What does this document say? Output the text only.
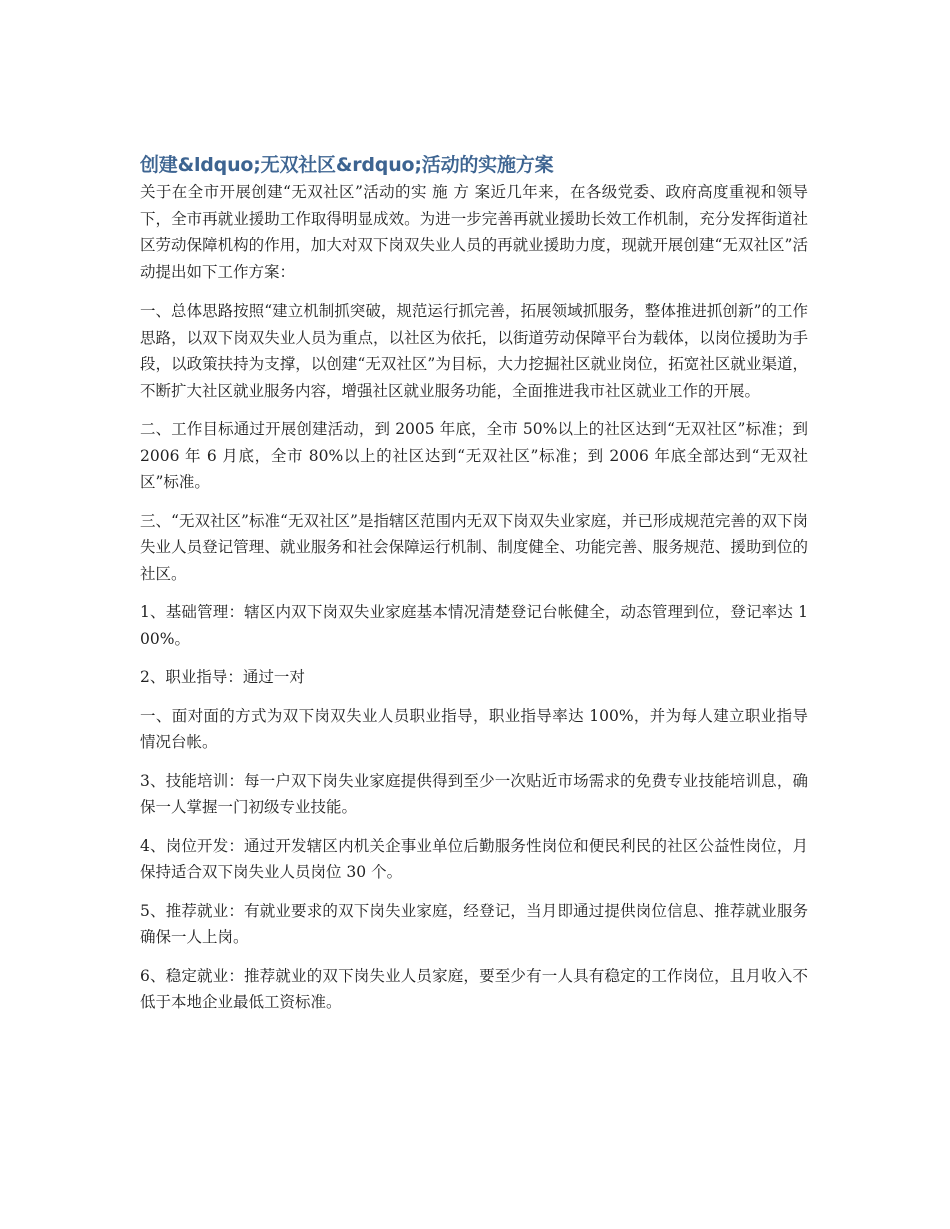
创建&ldquo;无双社区&rdquo;活动的实施方案

关于在全市开展创建“无双社区”活动的实 施 方 案近几年来，在各级党委、政府高度重视和领导下，全市再就业援助工作取得明显成效。为进一步完善再就业援助长效工作机制，充分发挥街道社区劳动保障机构的作用，加大对双下岗双失业人员的再就业援助力度，现就开展创建“无双社区”活动提出如下工作方案：

一、总体思路按照“建立机制抓突破，规范运行抓完善，拓展领域抓服务，整体推进抓创新”的工作思路，以双下岗双失业人员为重点，以社区为依托，以街道劳动保障平台为载体，以岗位援助为手段，以政策扶持为支撑，以创建“无双社区”为目标，大力挖掘社区就业岗位，拓宽社区就业渠道，不断扩大社区就业服务内容，增强社区就业服务功能，全面推进我市社区就业工作的开展。

二、工作目标通过开展创建活动，到 2005 年底，全市 50%以上的社区达到“无双社区”标准；到 2006 年 6 月底，全市 80%以上的社区达到“无双社区”标准；到 2006 年底全部达到“无双社区”标准。

三、“无双社区”标准“无双社区”是指辖区范围内无双下岗双失业家庭，并已形成规范完善的双下岗失业人员登记管理、就业服务和社会保障运行机制、制度健全、功能完善、服务规范、援助到位的社区。

1、基础管理：辖区内双下岗双失业家庭基本情况清楚登记台帐健全，动态管理到位，登记率达 100%。

2、职业指导：通过一对

一、面对面的方式为双下岗双失业人员职业指导，职业指导率达 100%，并为每人建立职业指导情况台帐。

3、技能培训：每一户双下岗失业家庭提供得到至少一次贴近市场需求的免费专业技能培训息，确保一人掌握一门初级专业技能。

4、岗位开发：通过开发辖区内机关企事业单位后勤服务性岗位和便民利民的社区公益性岗位，月保持适合双下岗失业人员岗位 30 个。

5、推荐就业：有就业要求的双下岗失业家庭，经登记，当月即通过提供岗位信息、推荐就业服务确保一人上岗。

6、稳定就业：推荐就业的双下岗失业人员家庭，要至少有一人具有稳定的工作岗位，且月收入不低于本地企业最低工资标准。
